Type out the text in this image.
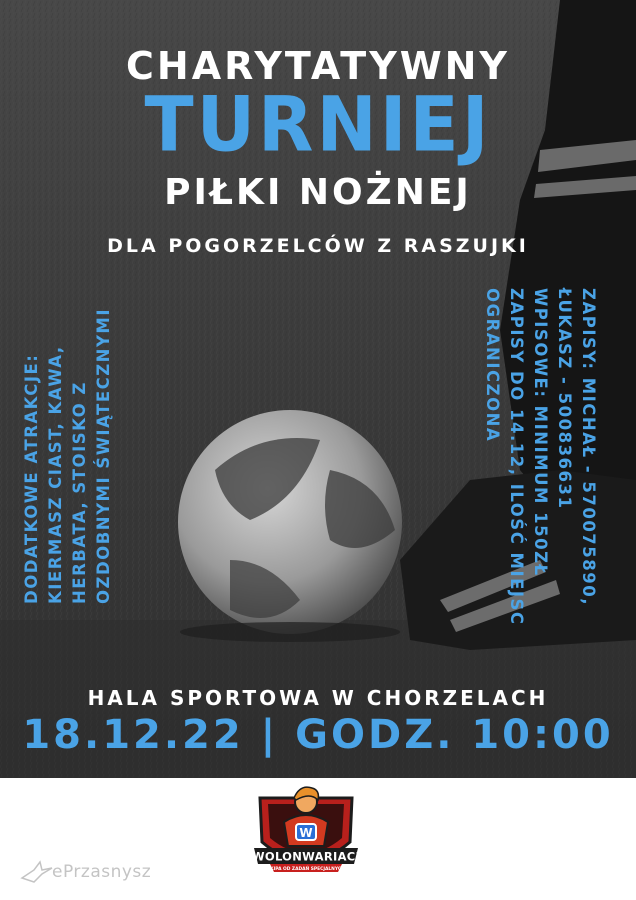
CHARYTATYWNY
TURNIEJ
PIŁKI NOŻNEJ
DLA POGORZELCÓW Z RASZUJKI
DODATKOWE ATRAKCJE: KIERMASZ CIAST, KAWA, HERBATA, STOISKO Z OZDOBNYMI ŚWIĄTECZNYMI	ZAPISY: MICHAŁ - 570075890,
ŁUKASZ - 500836631
WPISOWE: MINIMUM 150ZŁ
ZAPISY DO 14.12, ILOŚĆ MIEJSC
OGRANICZONA
HALA SPORTOWA W CHORZELACH
18.12.22 | GODZ. 10:00
W
WOLONWARIACI
EKIPA OD ZADAŃ SPECJALNYCH
ePrzasnysz
